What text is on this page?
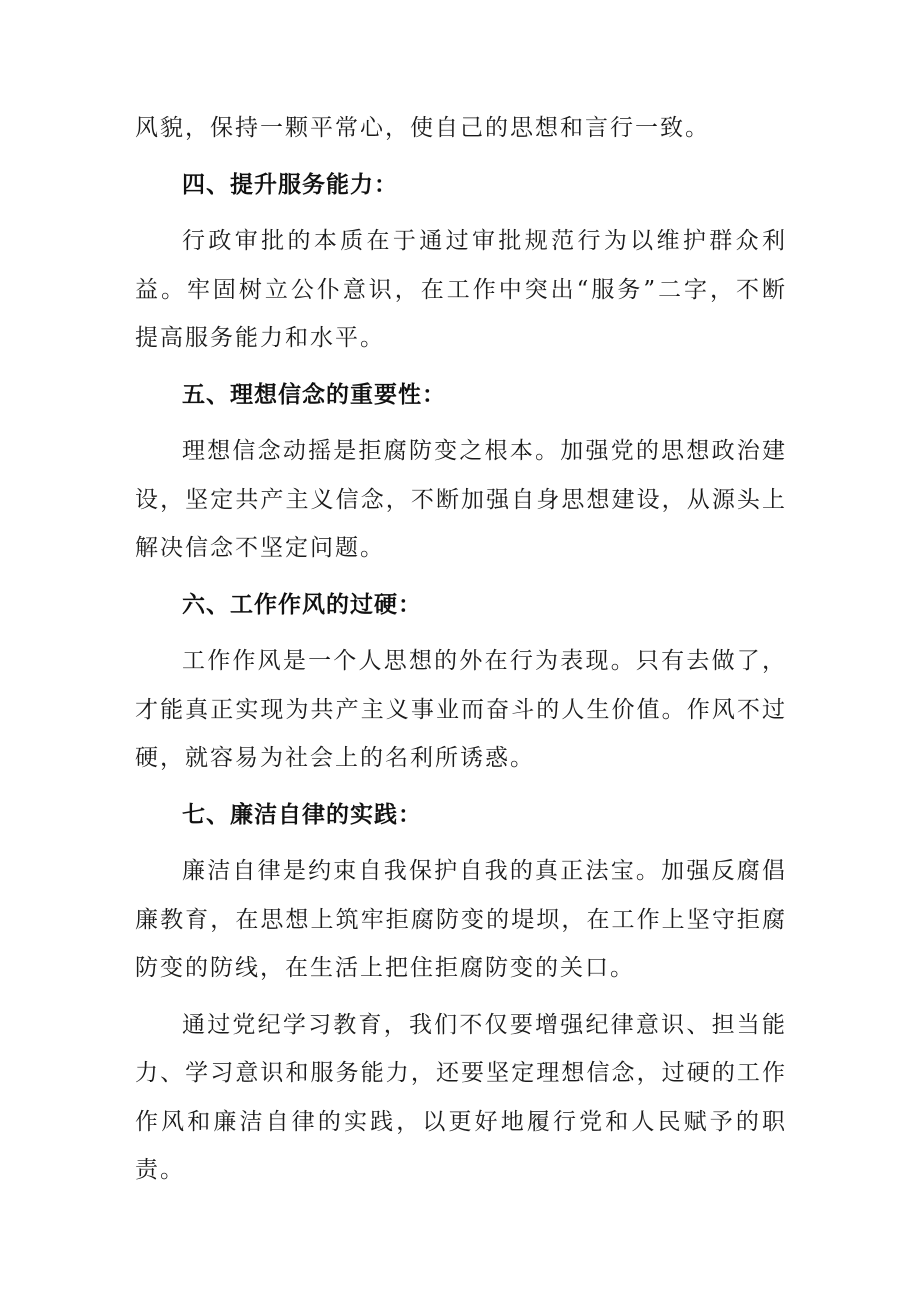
风貌，保持一颗平常心，使自己的思想和言行一致。

四、提升服务能力：

行政审批的本质在于通过审批规范行为以维护群众利益。牢固树立公仆意识，在工作中突出“服务”二字，不断提高服务能力和水平。

五、理想信念的重要性：

理想信念动摇是拒腐防变之根本。加强党的思想政治建设，坚定共产主义信念，不断加强自身思想建设，从源头上解决信念不坚定问题。

六、工作作风的过硬：

工作作风是一个人思想的外在行为表现。只有去做了，才能真正实现为共产主义事业而奋斗的人生价值。作风不过硬，就容易为社会上的名利所诱惑。

七、廉洁自律的实践：

廉洁自律是约束自我保护自我的真正法宝。加强反腐倡廉教育，在思想上筑牢拒腐防变的堤坝，在工作上坚守拒腐防变的防线，在生活上把住拒腐防变的关口。

通过党纪学习教育，我们不仅要增强纪律意识、担当能力、学习意识和服务能力，还要坚定理想信念，过硬的工作作风和廉洁自律的实践，以更好地履行党和人民赋予的职责。
